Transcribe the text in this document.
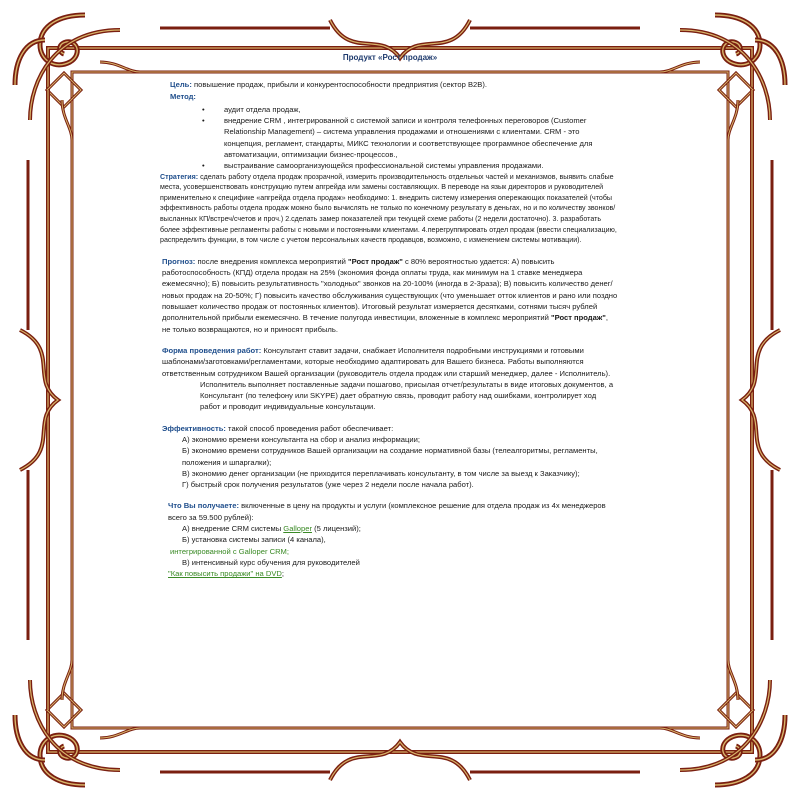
Продукт «Рост продаж»

Цель: повышение продаж, прибыли и конкурентоспособности предприятия (сектор B2B).

Метод:

•	аудит отдела продаж,
•	внедрение CRM , интегрированной с системой записи и контроля телефонных переговоров (Customer Relationship Management) – система управления продажами и отношениями с клиентами. CRM - это концепция, регламент, стандарты, МИКС технологии и соответствующее программное обеспечение для автоматизации, оптимизации бизнес-процессов.,
•	выстраивание самоорганизующейся профессиональной системы управления продажами.

Стратегия: сделать работу отдела продаж прозрачной, измерить производительность отдельных частей и механизмов, выявить слабые места, усовершенствовать конструкцию путем апгрейда или замены составляющих. В переводе на язык директоров и руководителей применительно к специфике «апгрейда отдела продаж» необходимо: 1. внедрить систему измерения опережающих показателей (чтобы эффективность работы отдела продаж можно было вычислять не только по конечному результату в деньгах, но и по количеству звонков/высланных КП/встреч/счетов и проч.) 2.сделать замер показателей при текущей схеме работы (2 недели достаточно). 3. разработать более эффективные регламенты работы с новыми и постоянными клиентами. 4.перегруппировать отдел продаж (ввести специализацию, распределить функции, в том числе с учетом персональных качеств продавцов, возможно, с изменением системы мотивации).

Прогноз: после внедрения комплекса мероприятий "Рост продаж" с 80% вероятностью удается: А) повысить работоспособность (КПД) отдела продаж на 25% (экономия фонда оплаты труда, как минимум на 1 ставке менеджера ежемесячно); Б) повысить результативность "холодных" звонков на 20-100% (иногда в 2-3раза); В) повысить количество денег/новых продаж на 20-50%; Г) повысить качество обслуживания существующих (что уменьшает отток клиентов и рано или поздно повышает количество продаж от постоянных клиентов). Итоговый результат измеряется десятками, сотнями тысяч рублей дополнительной прибыли ежемесячно. В течение полугода инвестиции, вложенные в комплекс мероприятий "Рост продаж", не только возвращаются, но и приносят прибыль.

Форма проведения работ: Консультант ставит задачи, снабжает Исполнителя подробными инструкциями и готовыми шаблонами/заготовками/регламентами, которые необходимо адаптировать для Вашего бизнеса. Работы выполняются ответственным сотрудником Вашей организации (руководитель отдела продаж или старший менеджер, далее - Исполнитель).

Исполнитель выполняет поставленные задачи пошагово, присылая отчет/результаты в виде итоговых документов, а Консультант (по телефону или SKYPE) дает обратную связь, проводит работу над ошибками, контролирует ход работ и проводит индивидуальные консультации.

Эффективность: такой способ проведения работ обеспечивает:

А) экономию времени консультанта на сбор и анализ информации;

Б) экономию времени сотрудников Вашей организации на создание нормативной базы (телеалгоритмы, регламенты, положения и шпаргалки);

В) экономию денег организации (не приходится переплачивать консультанту, в том числе за выезд к Заказчику);

Г) быстрый срок получения результатов (уже через 2 недели после начала работ).

Что Вы получаете: включенные в цену на продукты и услуги (комплексное решение для отдела продаж из 4х менеджеров всего за 59.500 рублей):

А) внедрение CRM системы Galloper (5 лицензий);

Б) установка системы записи (4 канала),

интегрированной с Galloper CRM;

В) интенсивный курс обучения для руководителей

"Как повысить продажи" на DVD;
